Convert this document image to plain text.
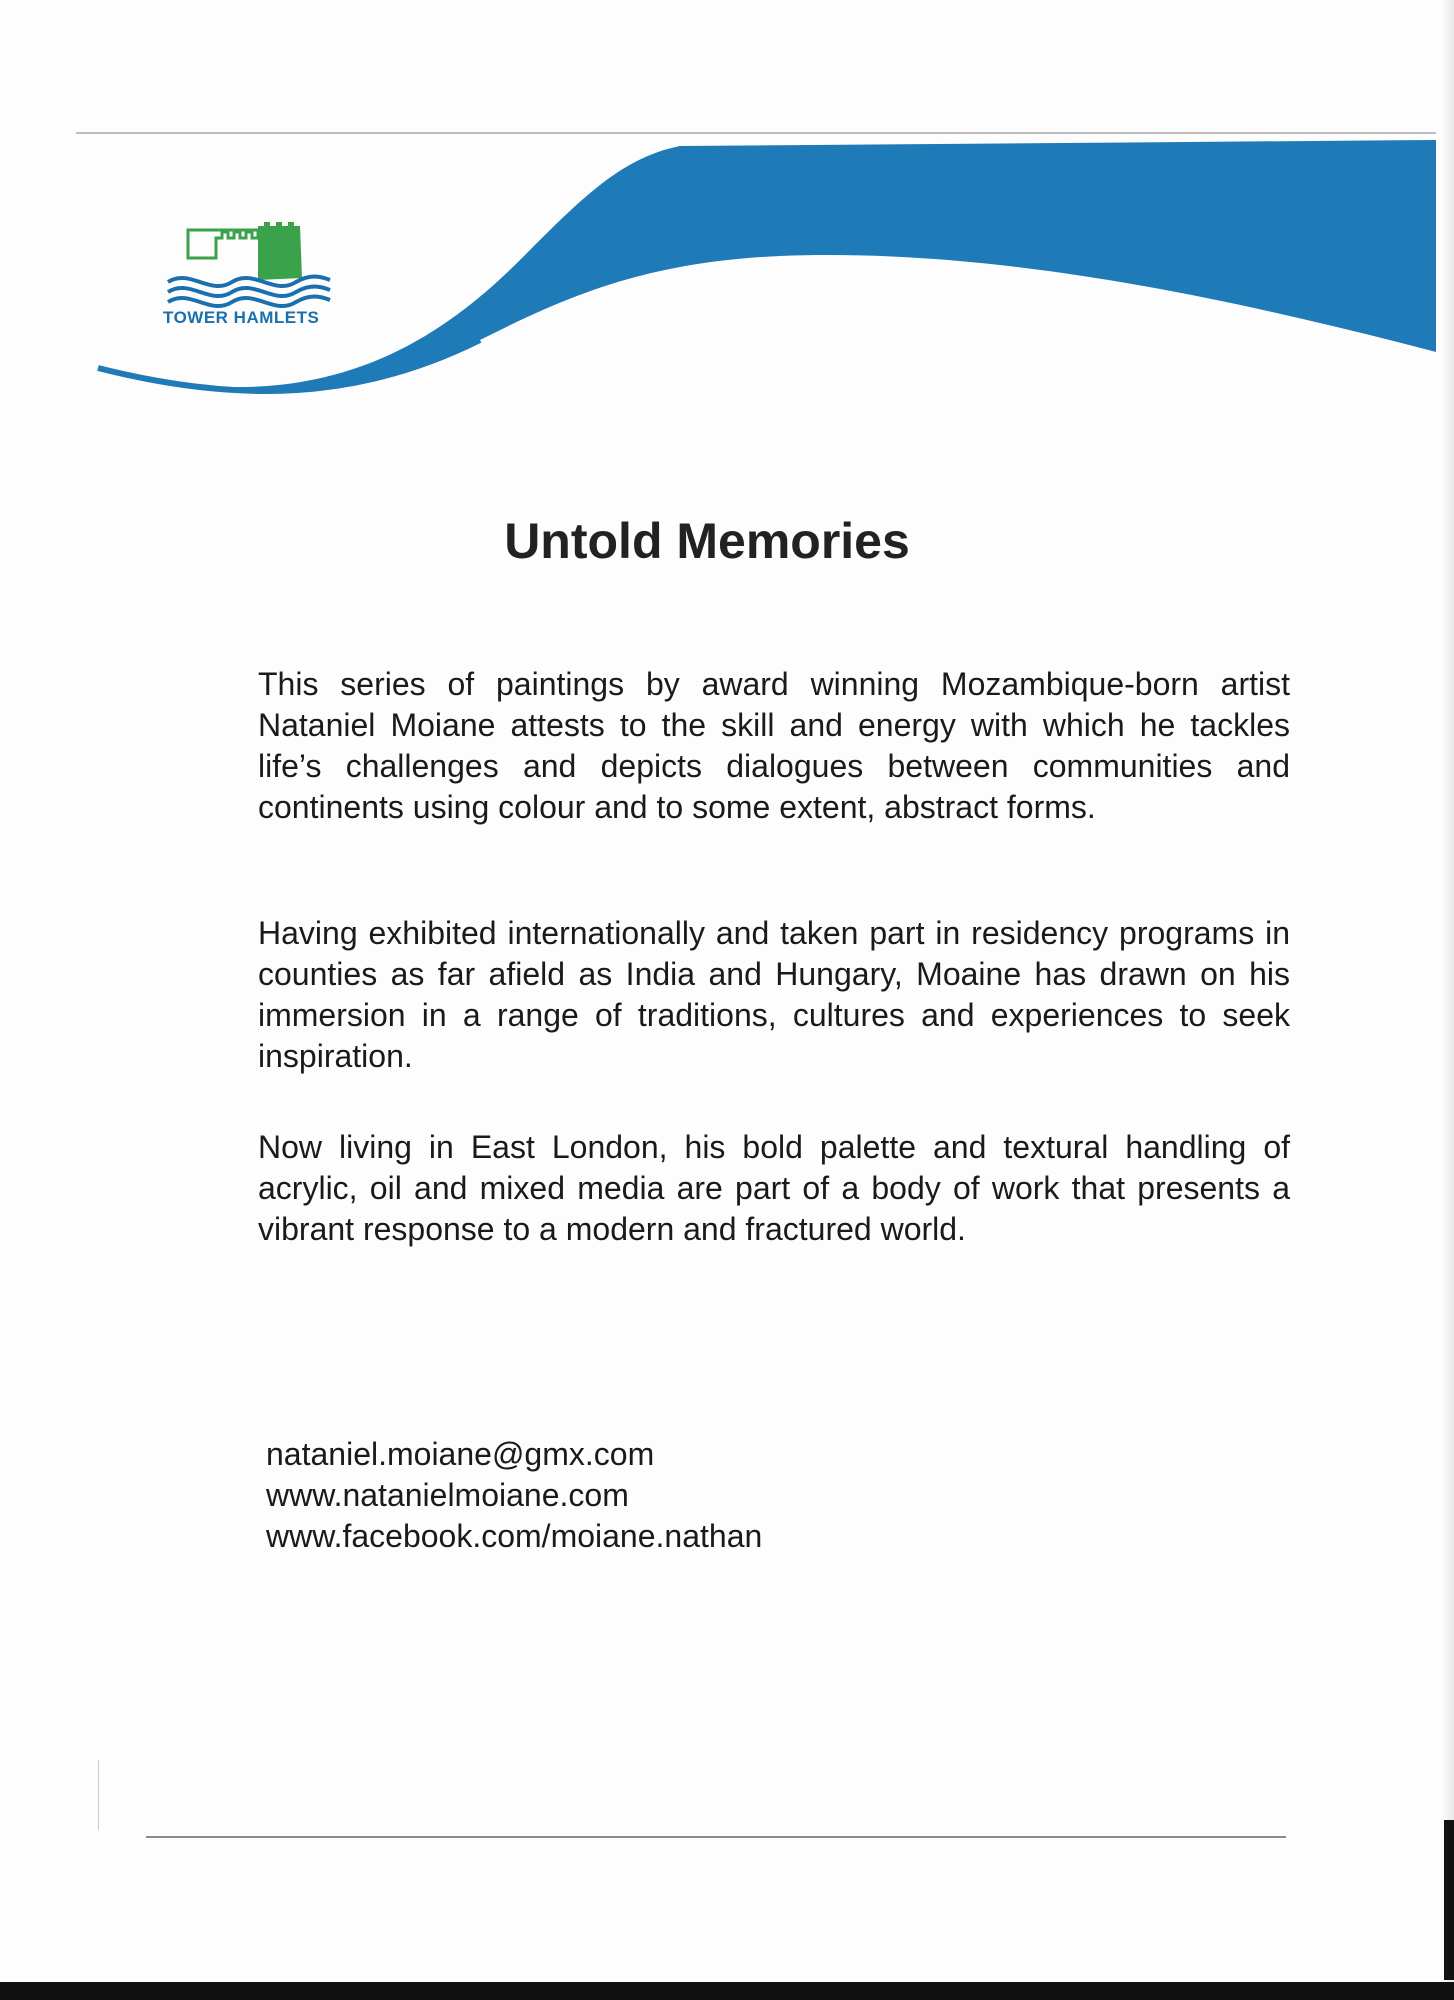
TOWER HAMLETS
Untold Memories
This series of paintings by award winning Mozambique-born artist Nataniel Moiane attests to the skill and energy with which he tackles life’s challenges and depicts dialogues between communities and continents using colour and to some extent, abstract forms.
Having exhibited internationally and taken part in residency programs in counties as far afield as India and Hungary, Moaine has drawn on his immersion in a range of traditions, cultures and experiences to seek inspiration.
Now living in East London, his bold palette and textural handling of acrylic, oil and mixed media are part of a body of work that presents a vibrant response to a modern and fractured world.
nataniel.moiane@gmx.com
www.natanielmoiane.com
www.facebook.com/moiane.nathan
